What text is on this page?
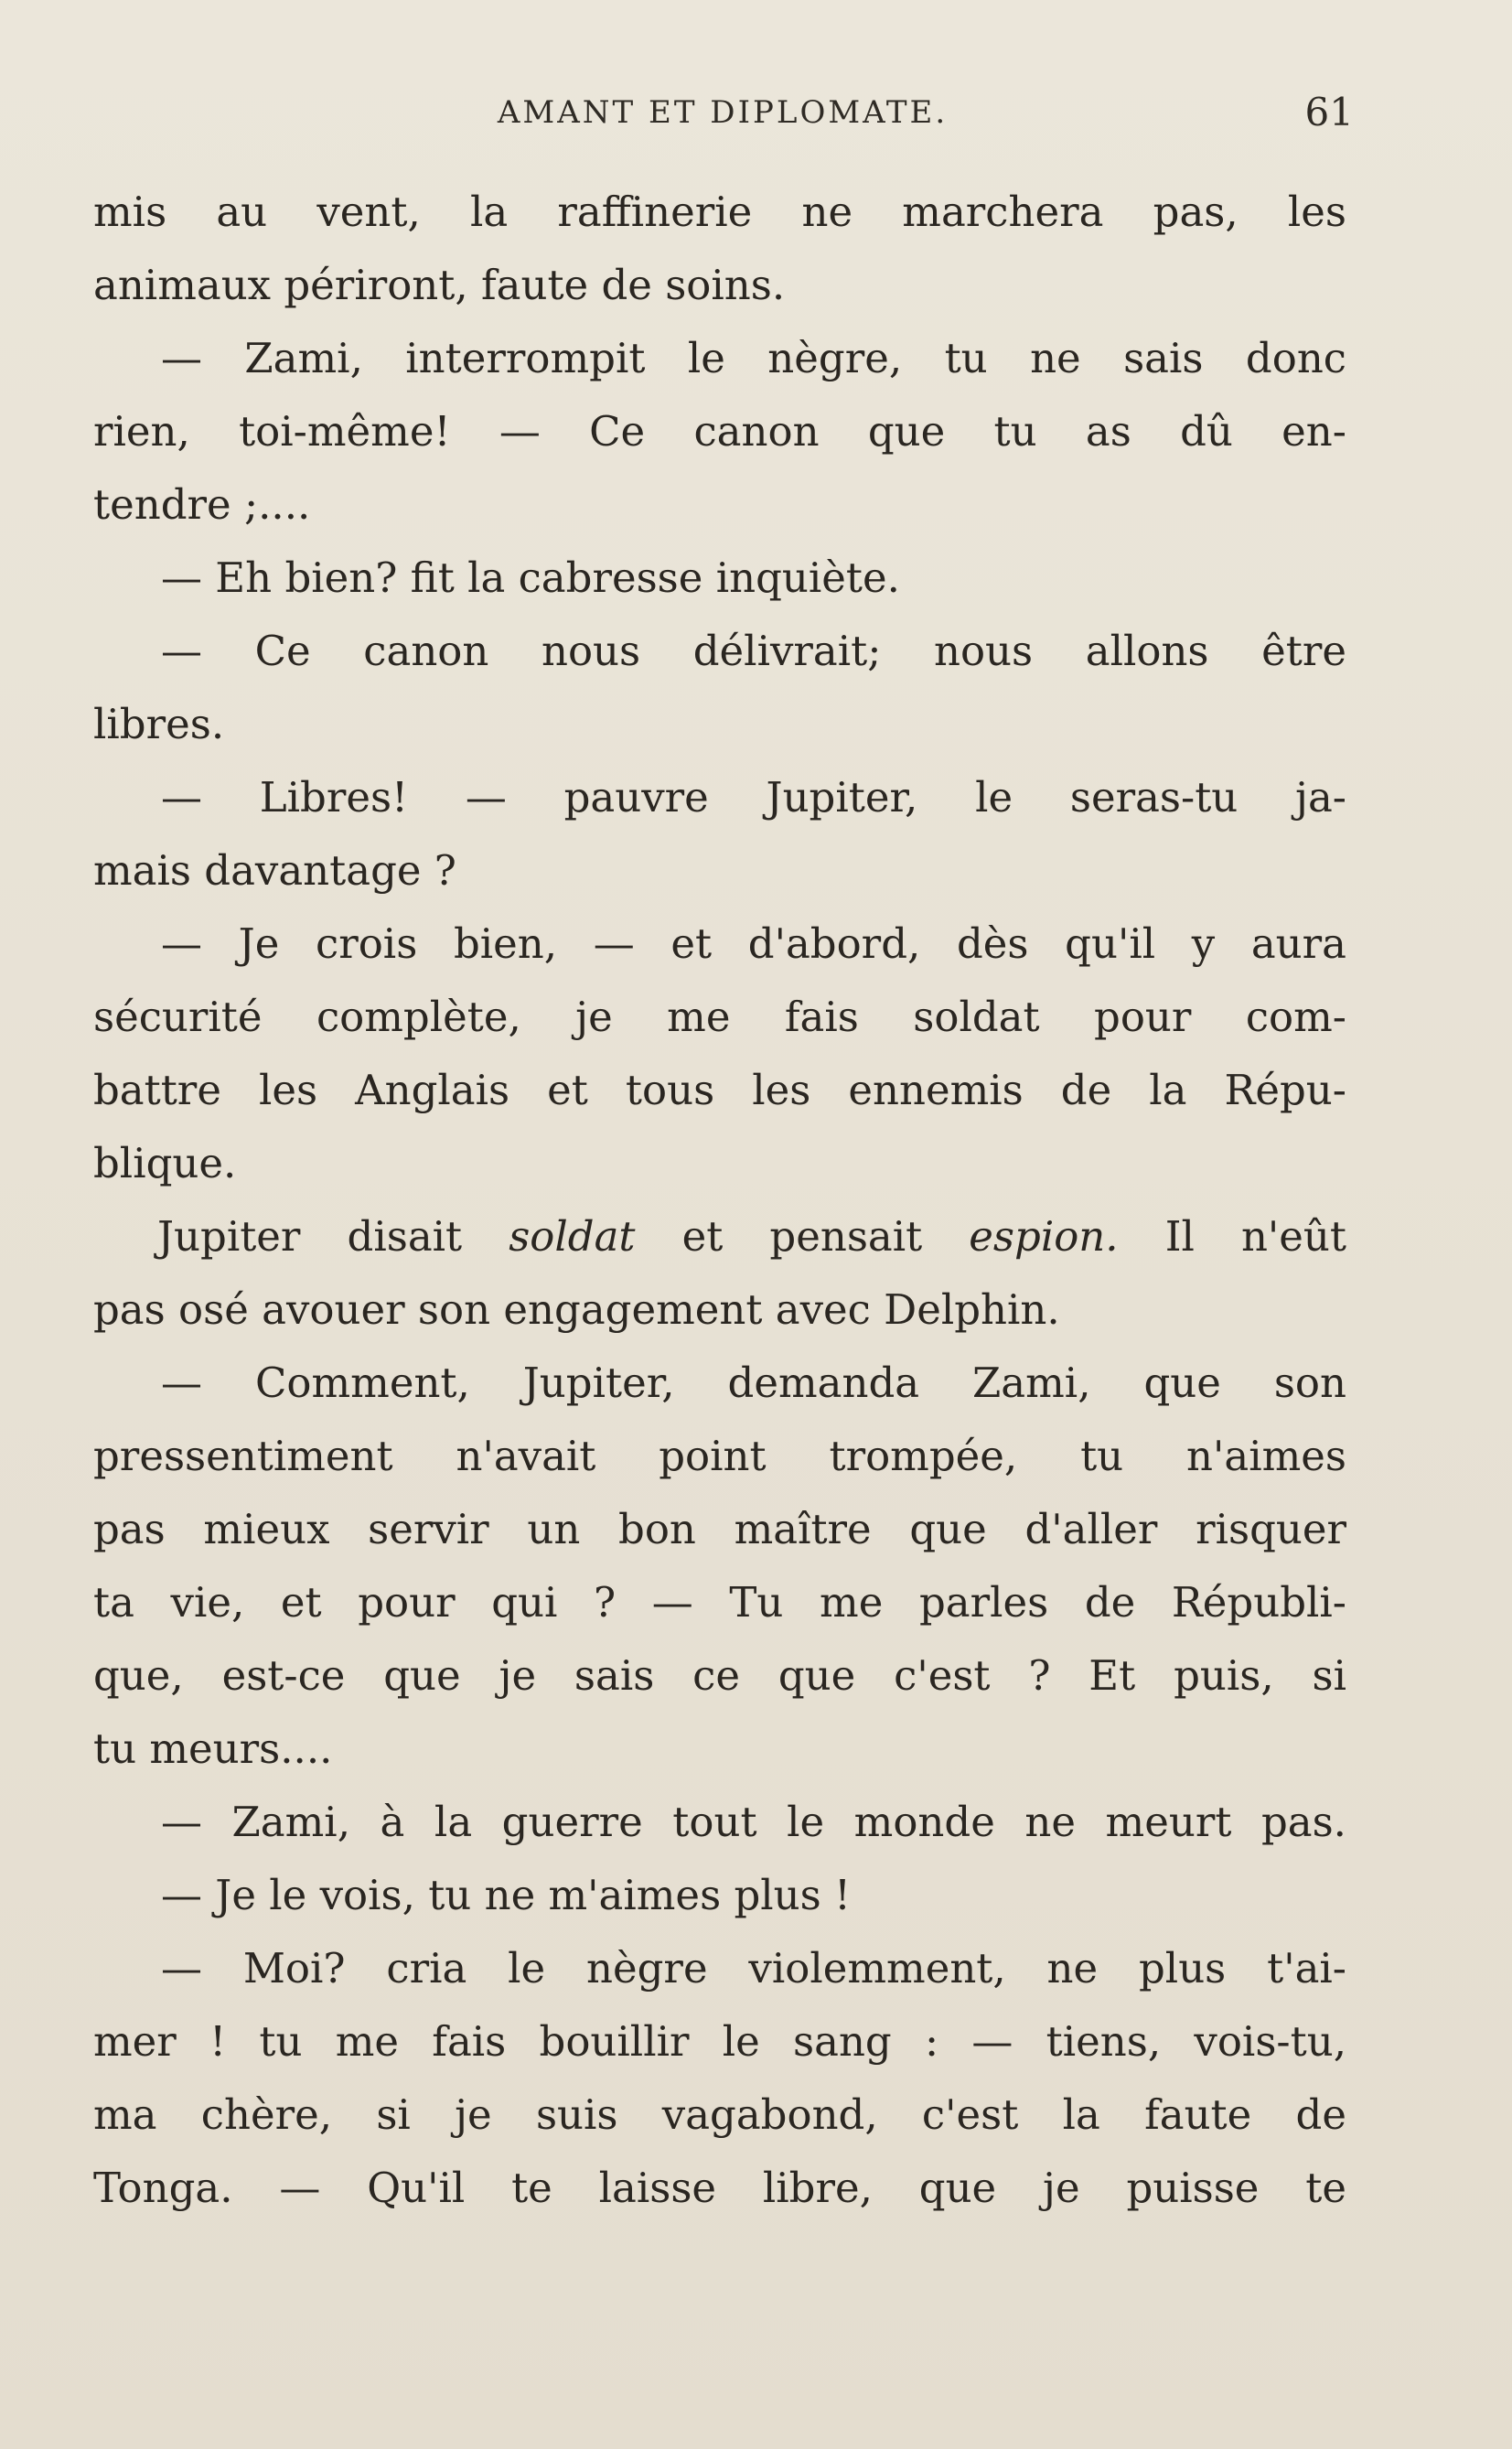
AMANT ET DIPLOMATE.	61
mis au vent, la raffinerie ne marchera pas, les
animaux périront, faute de soins.
— Zami, interrompit le nègre, tu ne sais donc
rien, toi-même! — Ce canon que tu as dû en-
tendre ;....
— Eh bien? fit la cabresse inquiète.
— Ce canon nous délivrait; nous allons être
libres.
— Libres! — pauvre Jupiter, le seras-tu ja-
mais davantage ?
— Je crois bien, — et d'abord, dès qu'il y aura
sécurité complète, je me fais soldat pour com-
battre les Anglais et tous les ennemis de la Répu-
blique.
Jupiter disait soldat et pensait espion. Il n'eût
pas osé avouer son engagement avec Delphin.
— Comment, Jupiter, demanda Zami, que son
pressentiment n'avait point trompée, tu n'aimes
pas mieux servir un bon maître que d'aller risquer
ta vie, et pour qui ? — Tu me parles de Républi-
que, est-ce que je sais ce que c'est ? Et puis, si
tu meurs....
— Zami, à la guerre tout le monde ne meurt pas.
— Je le vois, tu ne m'aimes plus !
— Moi? cria le nègre violemment, ne plus t'ai-
mer ! tu me fais bouillir le sang : — tiens, vois-tu,
ma chère, si je suis vagabond, c'est la faute de
Tonga. — Qu'il te laisse libre, que je puisse te
